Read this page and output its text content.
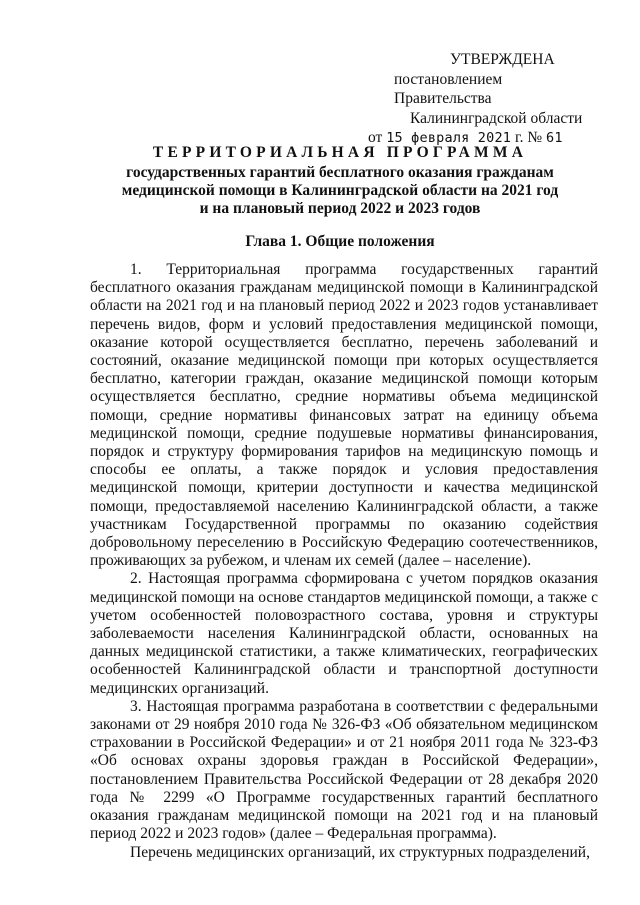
УТВЕРЖДЕНА
постановлением Правительства
Калининградской области
от 15 февраля 2021 г. № 61
ТЕРРИТОРИАЛЬНАЯ ПРОГРАММА
государственных гарантий бесплатного оказания гражданам
медицинской помощи в Калининградской области на 2021 год
и на плановый период 2022 и 2023 годов
Глава 1. Общие положения

1. Территориальная программа государственных гарантий бесплатного оказания гражданам медицинской помощи в Калининградской области на 2021 год и на плановый период 2022 и 2023 годов устанавливает перечень видов, форм и условий предоставления медицинской помощи, оказание которой осуществляется бесплатно, перечень заболеваний и состояний, оказание медицинской помощи при которых осуществляется бесплатно, категории граждан, оказание медицинской помощи которым осуществляется бесплатно, средние нормативы объема медицинской помощи, средние нормативы финансовых затрат на единицу объема медицинской помощи, средние подушевые нормативы финансирования, порядок и структуру формирования тарифов на медицинскую помощь и способы ее оплаты, а также порядок и условия предоставления медицинской помощи, критерии доступности и качества медицинской помощи, предоставляемой населению Калининградской области, а также участникам Государственной программы по оказанию содействия добровольному переселению в Российскую Федерацию соотечественников, проживающих за рубежом, и членам их семей (далее – население).

2. Настоящая программа сформирована с учетом порядков оказания медицинской помощи на основе стандартов медицинской помощи, а также с учетом особенностей половозрастного состава, уровня и структуры заболеваемости населения Калининградской области, основанных на данных медицинской статистики, а также климатических, географических особенностей Калининградской области и транспортной доступности медицинских организаций.

3. Настоящая программа разработана в соответствии с федеральными законами от 29 ноября 2010 года № 326-ФЗ «Об обязательном медицинском страховании в Российской Федерации» и от 21 ноября 2011 года № 323-ФЗ «Об основах охраны здоровья граждан в Российской Федерации», постановлением Правительства Российской Федерации от 28 декабря 2020 года № 2299 «О Программе государственных гарантий бесплатного оказания гражданам медицинской помощи на 2021 год и на плановый период 2022 и 2023 годов» (далее – Федеральная программа).

Перечень медицинских организаций, их структурных подразделений,
